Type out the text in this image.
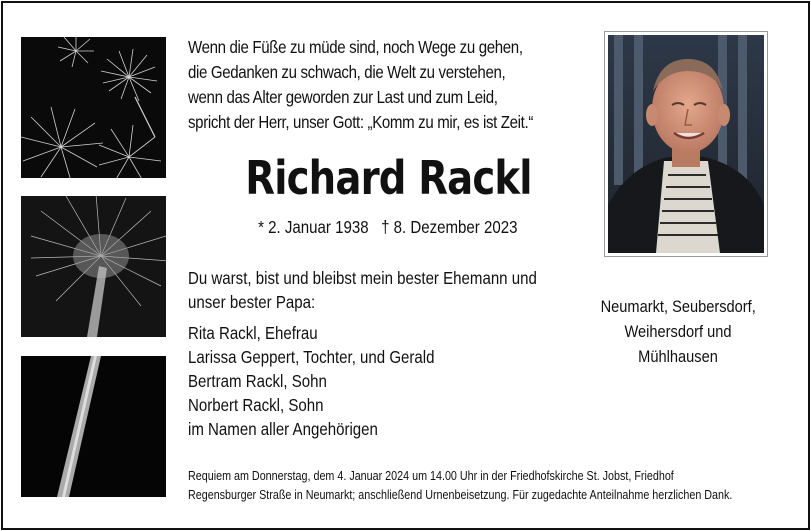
Wenn die Füße zu müde sind, noch Wege zu gehen,
die Gedanken zu schwach, die Welt zu verstehen,
wenn das Alter geworden zur Last und zum Leid,
spricht der Herr, unser Gott: „Komm zu mir, es ist Zeit.“
Richard Rackl
* 2. Januar 1938   † 8. Dezember 2023
Du warst, bist und bleibst mein bester Ehemann und
unser bester Papa:
Rita Rackl, Ehefrau
Larissa Geppert, Tochter, und Gerald
Bertram Rackl, Sohn
Norbert Rackl, Sohn
im Namen aller Angehörigen
Neumarkt, Seubersdorf,
Weihersdorf und
Mühlhausen
Requiem am Donnerstag, dem 4. Januar 2024 um 14.00 Uhr in der Friedhofskirche St. Jobst, Friedhof
Regensburger Straße in Neumarkt; anschließend Urnenbeisetzung. Für zugedachte Anteilnahme herzlichen Dank.
